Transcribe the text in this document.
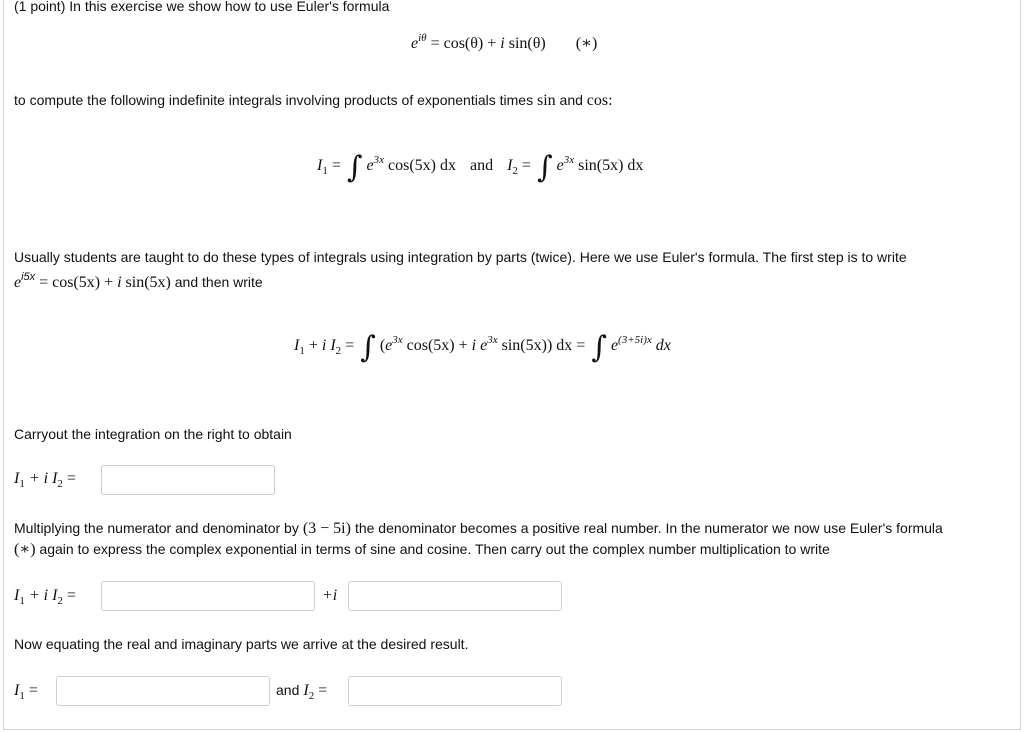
(1 point) In this exercise we show how to use Euler's formula
$e^{i\theta} = \cos(\theta) + i$ sin(θ) (∗)
to compute the following indefinite integrals involving products of exponentials times sin and cos:
$I_1$ = ∫ $e^{3x}$ cos(5x) dx and $I_2$ = ∫ $e^{3x}$ sin(5x) dx
Usually students are taught to do these types of integrals using integration by parts (twice). Here we use Euler's formula. The first step is to write
$e^{i5x} = \cos(5x) + i$ sin(5x) and then write
$I_1 + i$ $I_2$ = ∫ ($e^{3x}$ cos(5x) + i $e^{3x}$ sin(5x)) dx = ∫ $e^{(3+5i)x}$ dx
Carryout the integration on the right to obtain
$I_1 + i$ $I_2$ =
Multiplying the numerator and denominator by (3 − 5i) the denominator becomes a positive real number. In the numerator we now use Euler's formula
(∗) again to express the complex exponential in terms of sine and cosine. Then carry out the complex number multiplication to write
$I_1 + i$ $I_2$ =	+i
Now equating the real and imaginary parts we arrive at the desired result.
$I_1$ =	and $I_2$ =
